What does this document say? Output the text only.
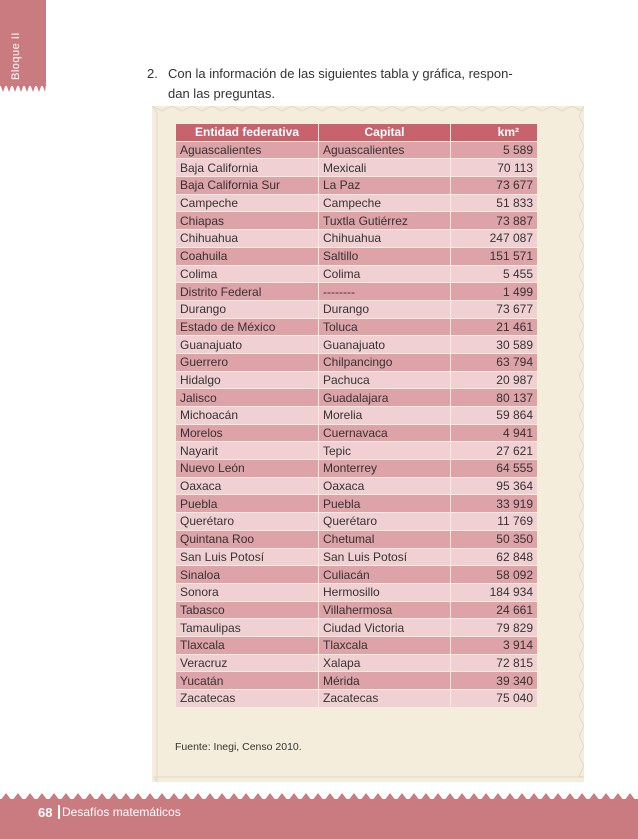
Bloque II	2. Con la información de las siguientes tabla y gráfica, respon-
dan las preguntas.
Entidad federativa	Capital	km²
Aguascalientes	Aguascalientes	5 589
Baja California	Mexicali	70 113
Baja California Sur	La Paz	73 677
Campeche	Campeche	51 833
Chiapas	Tuxtla Gutiérrez	73 887
Chihuahua	Chihuahua	247 087
Coahuila	Saltillo	151 571
Colima	Colima	5 455
Distrito Federal	--------	1 499
Durango	Durango	73 677
Estado de México	Toluca	21 461
Guanajuato	Guanajuato	30 589
Guerrero	Chilpancingo	63 794
Hidalgo	Pachuca	20 987
Jalisco	Guadalajara	80 137
Michoacán	Morelia	59 864
Morelos	Cuernavaca	4 941
Nayarit	Tepic	27 621
Nuevo León	Monterrey	64 555
Oaxaca	Oaxaca	95 364
Puebla	Puebla	33 919
Querétaro	Querétaro	11 769
Quintana Roo	Chetumal	50 350
San Luis Potosí	San Luis Potosí	62 848
Sinaloa	Culiacán	58 092
Sonora	Hermosillo	184 934
Tabasco	Villahermosa	24 661
Tamaulipas	Ciudad Victoria	79 829
Tlaxcala	Tlaxcala	3 914
Veracruz	Xalapa	72 815
Yucatán	Mérida	39 340
Zacatecas	Zacatecas	75 040
Fuente: Inegi, Censo 2010.
68 Desafíos matemáticos
